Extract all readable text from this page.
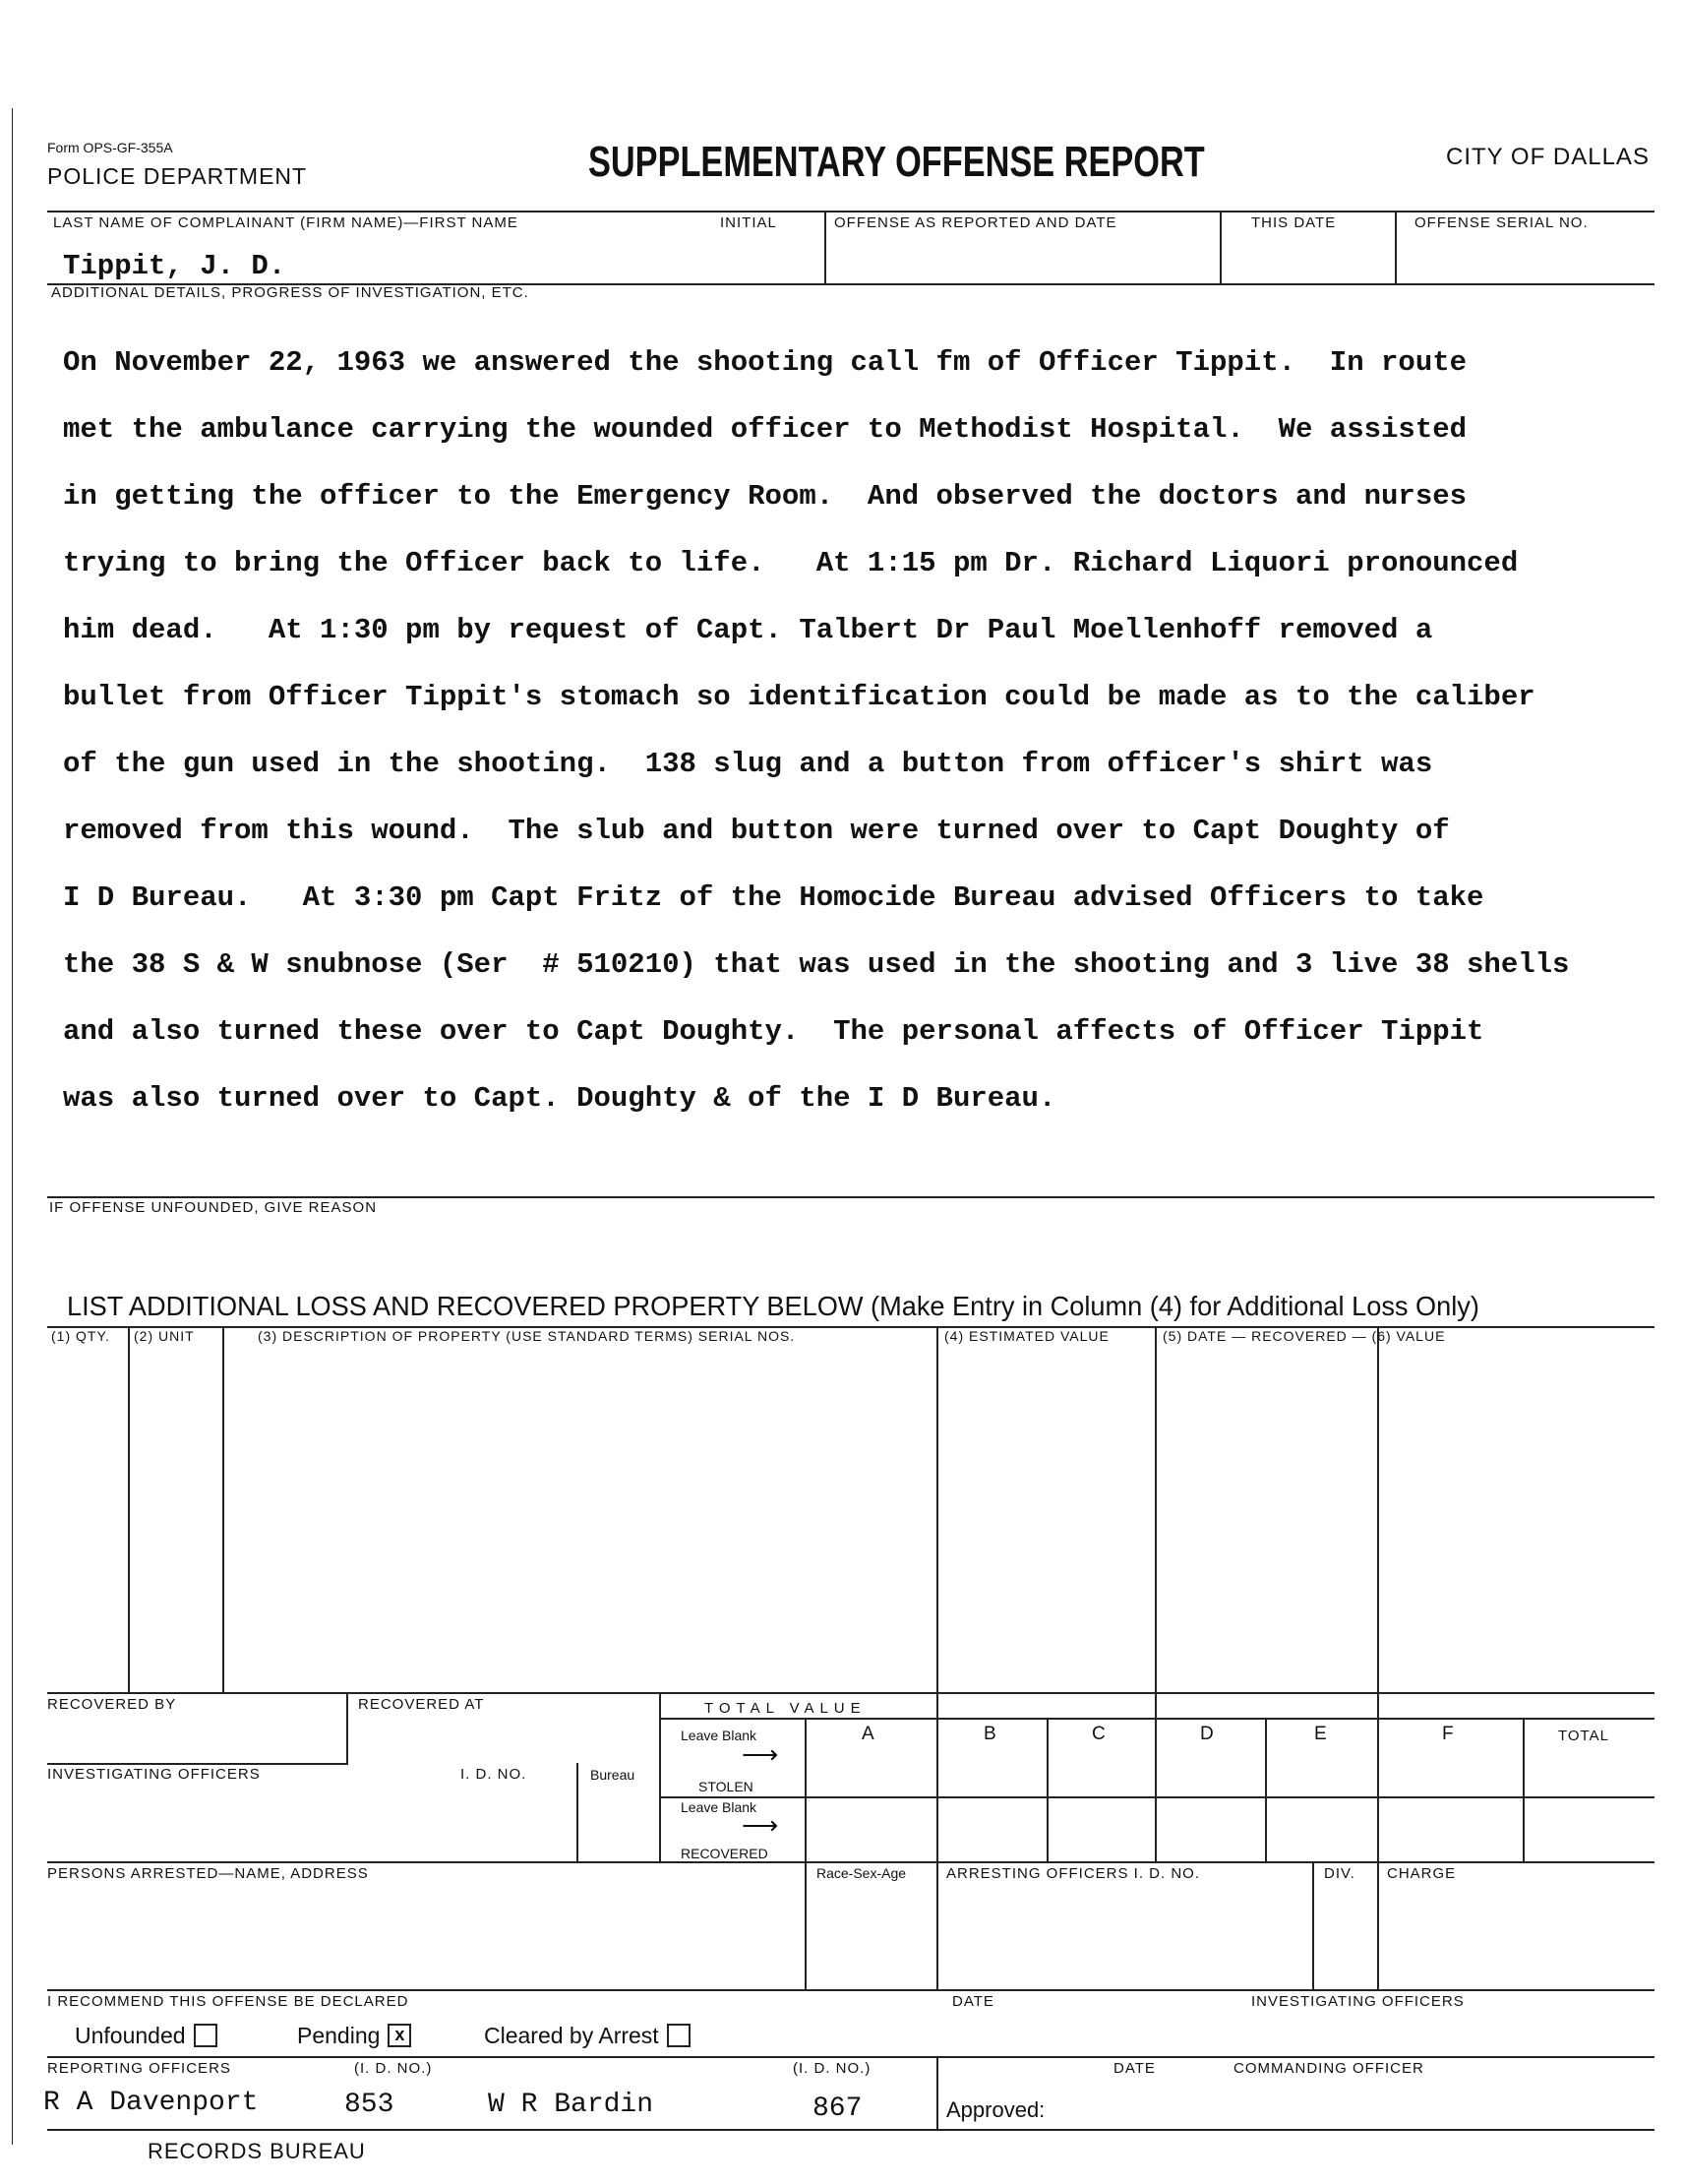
Form OPS-GF-355A
POLICE DEPARTMENT	SUPPLEMENTARY OFFENSE REPORT	CITY OF DALLAS
LAST NAME OF COMPLAINANT (FIRM NAME)—FIRST NAME	INITIAL	OFFENSE AS REPORTED AND DATE	THIS DATE	OFFENSE SERIAL NO.
Tippit, J. D.
ADDITIONAL DETAILS, PROGRESS OF INVESTIGATION, ETC.

On November 22, 1963 we answered the shooting call fm of Officer Tippit.  In route

met the ambulance carrying the wounded officer to Methodist Hospital.  We assisted

in getting the officer to the Emergency Room.  And observed the doctors and nurses

trying to bring the Officer back to life.   At 1:15 pm Dr. Richard Liquori pronounced

him dead.   At 1:30 pm by request of Capt. Talbert Dr Paul Moellenhoff removed a

bullet from Officer Tippit's stomach so identification could be made as to the caliber

of the gun used in the shooting.  138 slug and a button from officer's shirt was

removed from this wound.  The slub and button were turned over to Capt Doughty of

I D Bureau.   At 3:30 pm Capt Fritz of the Homocide Bureau advised Officers to take

the 38 S & W snubnose (Ser  # 510210) that was used in the shooting and 3 live 38 shells

and also turned these over to Capt Doughty.  The personal affects of Officer Tippit

was also turned over to Capt. Doughty & of the I D Bureau.

IF OFFENSE UNFOUNDED, GIVE REASON
LIST ADDITIONAL LOSS AND RECOVERED PROPERTY BELOW (Make Entry in Column (4) for Additional Loss Only)
(1) QTY. (2) UNIT	(3) DESCRIPTION OF PROPERTY (USE STANDARD TERMS) SERIAL NOS.	(4) ESTIMATED VALUE	(5) DATE — RECOVERED — (6) VALUE
RECOVERED BY	RECOVERED AT	TOTAL VALUE
A	B	C	D	E	F	TOTAL
INVESTIGATING OFFICERS	I. D. NO.	Bureau
Leave Blank
⟶
STOLEN
Leave Blank
⟶
RECOVERED
PERSONS ARRESTED—NAME, ADDRESS	Race-Sex-Age	ARRESTING OFFICERS I. D. NO.	DIV. CHARGE
I RECOMMEND THIS OFFENSE BE DECLARED	DATE	INVESTIGATING OFFICERS
Unfounded	Pending x	Cleared by Arrest
REPORTING OFFICERS	(I. D. NO.)	(I. D. NO.)	DATE	COMMANDING OFFICER
R A Davenport	853	W R Bardin	867	Approved:
RECORDS BUREAU
